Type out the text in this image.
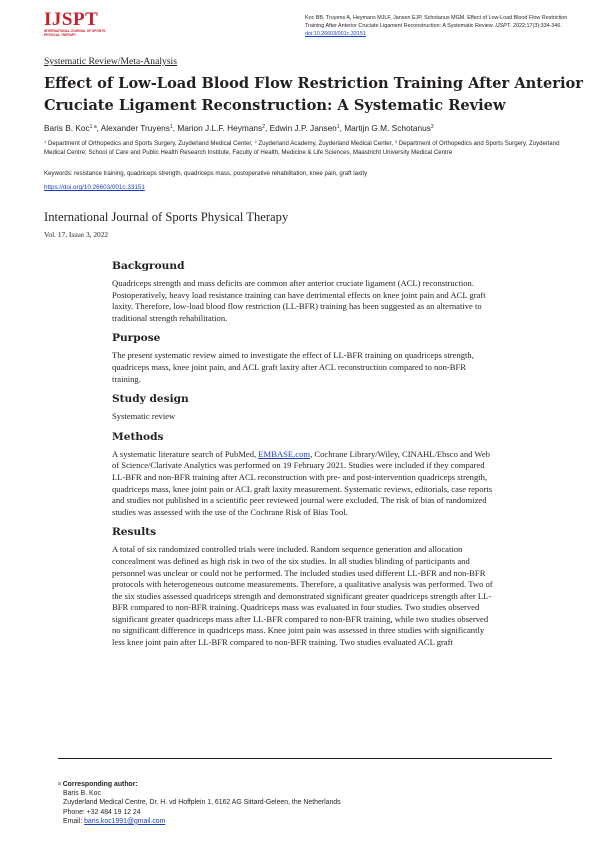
IJSPT
INTERNATIONAL JOURNAL OF SPORTS PHYSICAL THERAPY
Koc BB, Truyens A, Heymans MJLF, Jansen EJP, Schotanus MGM. Effect of Low-Load Blood Flow Restriction Training After Anterior Cruciate Ligament Reconstruction: A Systematic Review. IJSPT. 2022;17(3):334-346. doi:10.26603/001c.33151
Systematic Review/Meta-Analysis
Effect of Low-Load Blood Flow Restriction Training After Anterior Cruciate Ligament Reconstruction: A Systematic Review
Baris B. Koc$^{1 a}$, Alexander Truyens$^1$, Marion J.L.F. Heymans$^2$, Edwin J.P. Jansen$^1$, Martijn G.M. Schotanus$^3$
$^1$ Department of Orthopedics and Sports Surgery, Zuyderland Medical Center, $^2$ Zuyderland Academy, Zuyderland Medical Center, $^3$ Department of Orthopedics and Sports Surgery, Zuyderland Medical Centre; School of Care and Public Health Research Institute, Faculty of Health, Medicine & Life Sciences, Maastricht University Medical Centre
Keywords: resistance training, quadriceps strength, quadriceps mass, postoperative rehabilitation, knee pain, graft laxity
https://doi.org/10.26603/001c.33151
International Journal of Sports Physical Therapy
Vol. 17, Issue 3, 2022
Background

Quadriceps strength and mass deficits are common after anterior cruciate ligament (ACL) reconstruction. Postoperatively, heavy load resistance training can have detrimental effects on knee joint pain and ACL graft laxity. Therefore, low-load blood flow restriction (LL-BFR) training has been suggested as an alternative to traditional strength rehabilitation.

Purpose

The present systematic review aimed to investigate the effect of LL-BFR training on quadriceps strength, quadriceps mass, knee joint pain, and ACL graft laxity after ACL reconstruction compared to non-BFR training.

Study design

Systematic review

Methods

A systematic literature search of PubMed, EMBASE.com, Cochrane Library/Wiley, CINAHL/Ebsco and Web of Science/Clarivate Analytics was performed on 19 February 2021. Studies were included if they compared LL-BFR and non-BFR training after ACL reconstruction with pre- and post-intervention quadriceps strength, quadriceps mass, knee joint pain or ACL graft laxity measurement. Systematic reviews, editorials, case reports and studies not published in a scientific peer reviewed journal were excluded. The risk of bias of randomized studies was assessed with the use of the Cochrane Risk of Bias Tool.

Results

A total of six randomized controlled trials were included. Random sequence generation and allocation concealment was defined as high risk in two of the six studies. In all studies blinding of participants and personnel was unclear or could not be performed. The included studies used different LL-BFR and non-BFR protocols with heterogeneous outcome measurements. Therefore, a qualitative analysis was performed. Two of the six studies assessed quadriceps strength and demonstrated significant greater quadriceps strength after LL-BFR compared to non-BFR training. Quadriceps mass was evaluated in four studies. Two studies observed significant greater quadriceps mass after LL-BFR compared to non-BFR training, while two studies observed no significant difference in quadriceps mass. Knee joint pain was assessed in three studies with significantly less knee joint pain after LL-BFR compared to non-BFR training. Two studies evaluated ACL graft

a Corresponding author:
Baris B. Koc
Zuyderland Medical Centre, Dr. H. vd Hoffplein 1, 6162 AG Sittard-Geleen, the Netherlands
Phone: +32 484 19 12 24
Email: baris.koc1991@gmail.com
